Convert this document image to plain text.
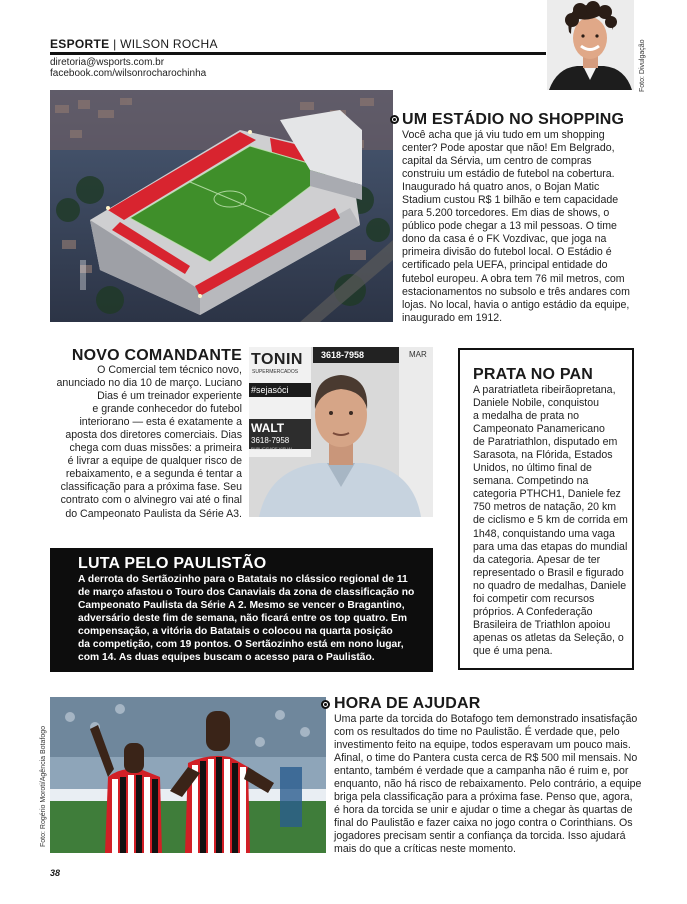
ESPORTE | WILSON ROCHA
diretoria@wsports.com.br
facebook.com/wilsonrocharochinha	Foto: Divulgação
UM ESTÁDIO NO SHOPPING
Você acha que já viu tudo em um shopping
center? Pode apostar que não! Em Belgrado,
capital da Sérvia, um centro de compras
construiu um estádio de futebol na cobertura.
Inaugurado há quatro anos, o Bojan Matic
Stadium custou R$ 1 bilhão e tem capacidade
para 5.200 torcedores. Em dias de shows, o
público pode chegar a 13 mil pessoas. O time
dono da casa é o FK Vozdivac, que joga na
primeira divisão do futebol local. O Estádio é
certificado pela UEFA, principal entidade do
futebol europeu. A obra tem 76 mil metros, com
estacionamentos no subsolo e três andares com
lojas. No local, havia o antigo estádio da equipe,
inaugurado em 1912.
NOVO COMANDANTE
O Comercial tem técnico novo,
anunciado no dia 10 de março. Luciano
Dias é um treinador experiente
e grande conhecedor do futebol
interiorano — esta é exatamente a
aposta dos diretores comerciais. Dias
chega com duas missões: a primeira
é livrar a equipe de qualquer risco de
rebaixamento, e a segunda é tentar a
classificação para a próxima fase. Seu
contrato com o alvinegro vai até o final
do Campeonato Paulista da Série A3.
TONIN
SUPERMERCADOS
#sejasóci
3618-7958
WALT
3618-7958
PUBLICIDADE VISUAL
MAR
PRATA NO PAN
A paratriatleta ribeirãopretana,
Daniele Nobile, conquistou
a medalha de prata no
Campeonato Panamericano
de Paratriathlon, disputado em
Sarasota, na Flórida, Estados
Unidos, no último final de
semana. Competindo na
categoria PTHCH1, Daniele fez
750 metros de natação, 20 km
de ciclismo e 5 km de corrida em
1h48, conquistando uma vaga
para uma das etapas do mundial
da categoria. Apesar de ter
representado o Brasil e figurado
no quadro de medalhas, Daniele
foi competir com recursos
próprios. A Confederação
Brasileira de Triathlon apoiou
apenas os atletas da Seleção, o
que é uma pena.
LUTA PELO PAULISTÃO
A derrota do Sertãozinho para o Batatais no clássico regional de 11
de março afastou o Touro dos Canaviais da zona de classificação no
Campeonato Paulista da Série A 2. Mesmo se vencer o Bragantino,
adversário deste fim de semana, não ficará entre os top quatro. Em
compensação, a vitória do Batatais o colocou na quarta posição
da competição, com 19 pontos. O Sertãozinho está em nono lugar,
com 14. As duas equipes buscam o acesso para o Paulistão.
Foto: Rogério Moroti/Agência Botafogo
HORA DE AJUDAR
Uma parte da torcida do Botafogo tem demonstrado insatisfação
com os resultados do time no Paulistão. É verdade que, pelo
investimento feito na equipe, todos esperavam um pouco mais.
Afinal, o time do Pantera custa cerca de R$ 500 mil mensais. No
entanto, também é verdade que a campanha não é ruim e, por
enquanto, não há risco de rebaixamento. Pelo contrário, a equipe
briga pela classificação para a próxima fase. Penso que, agora,
é hora da torcida se unir e ajudar o time a chegar às quartas de
final do Paulistão e fazer caixa no jogo contra o Corinthians. Os
jogadores precisam sentir a confiança da torcida. Isso ajudará
mais do que a críticas neste momento.
38
